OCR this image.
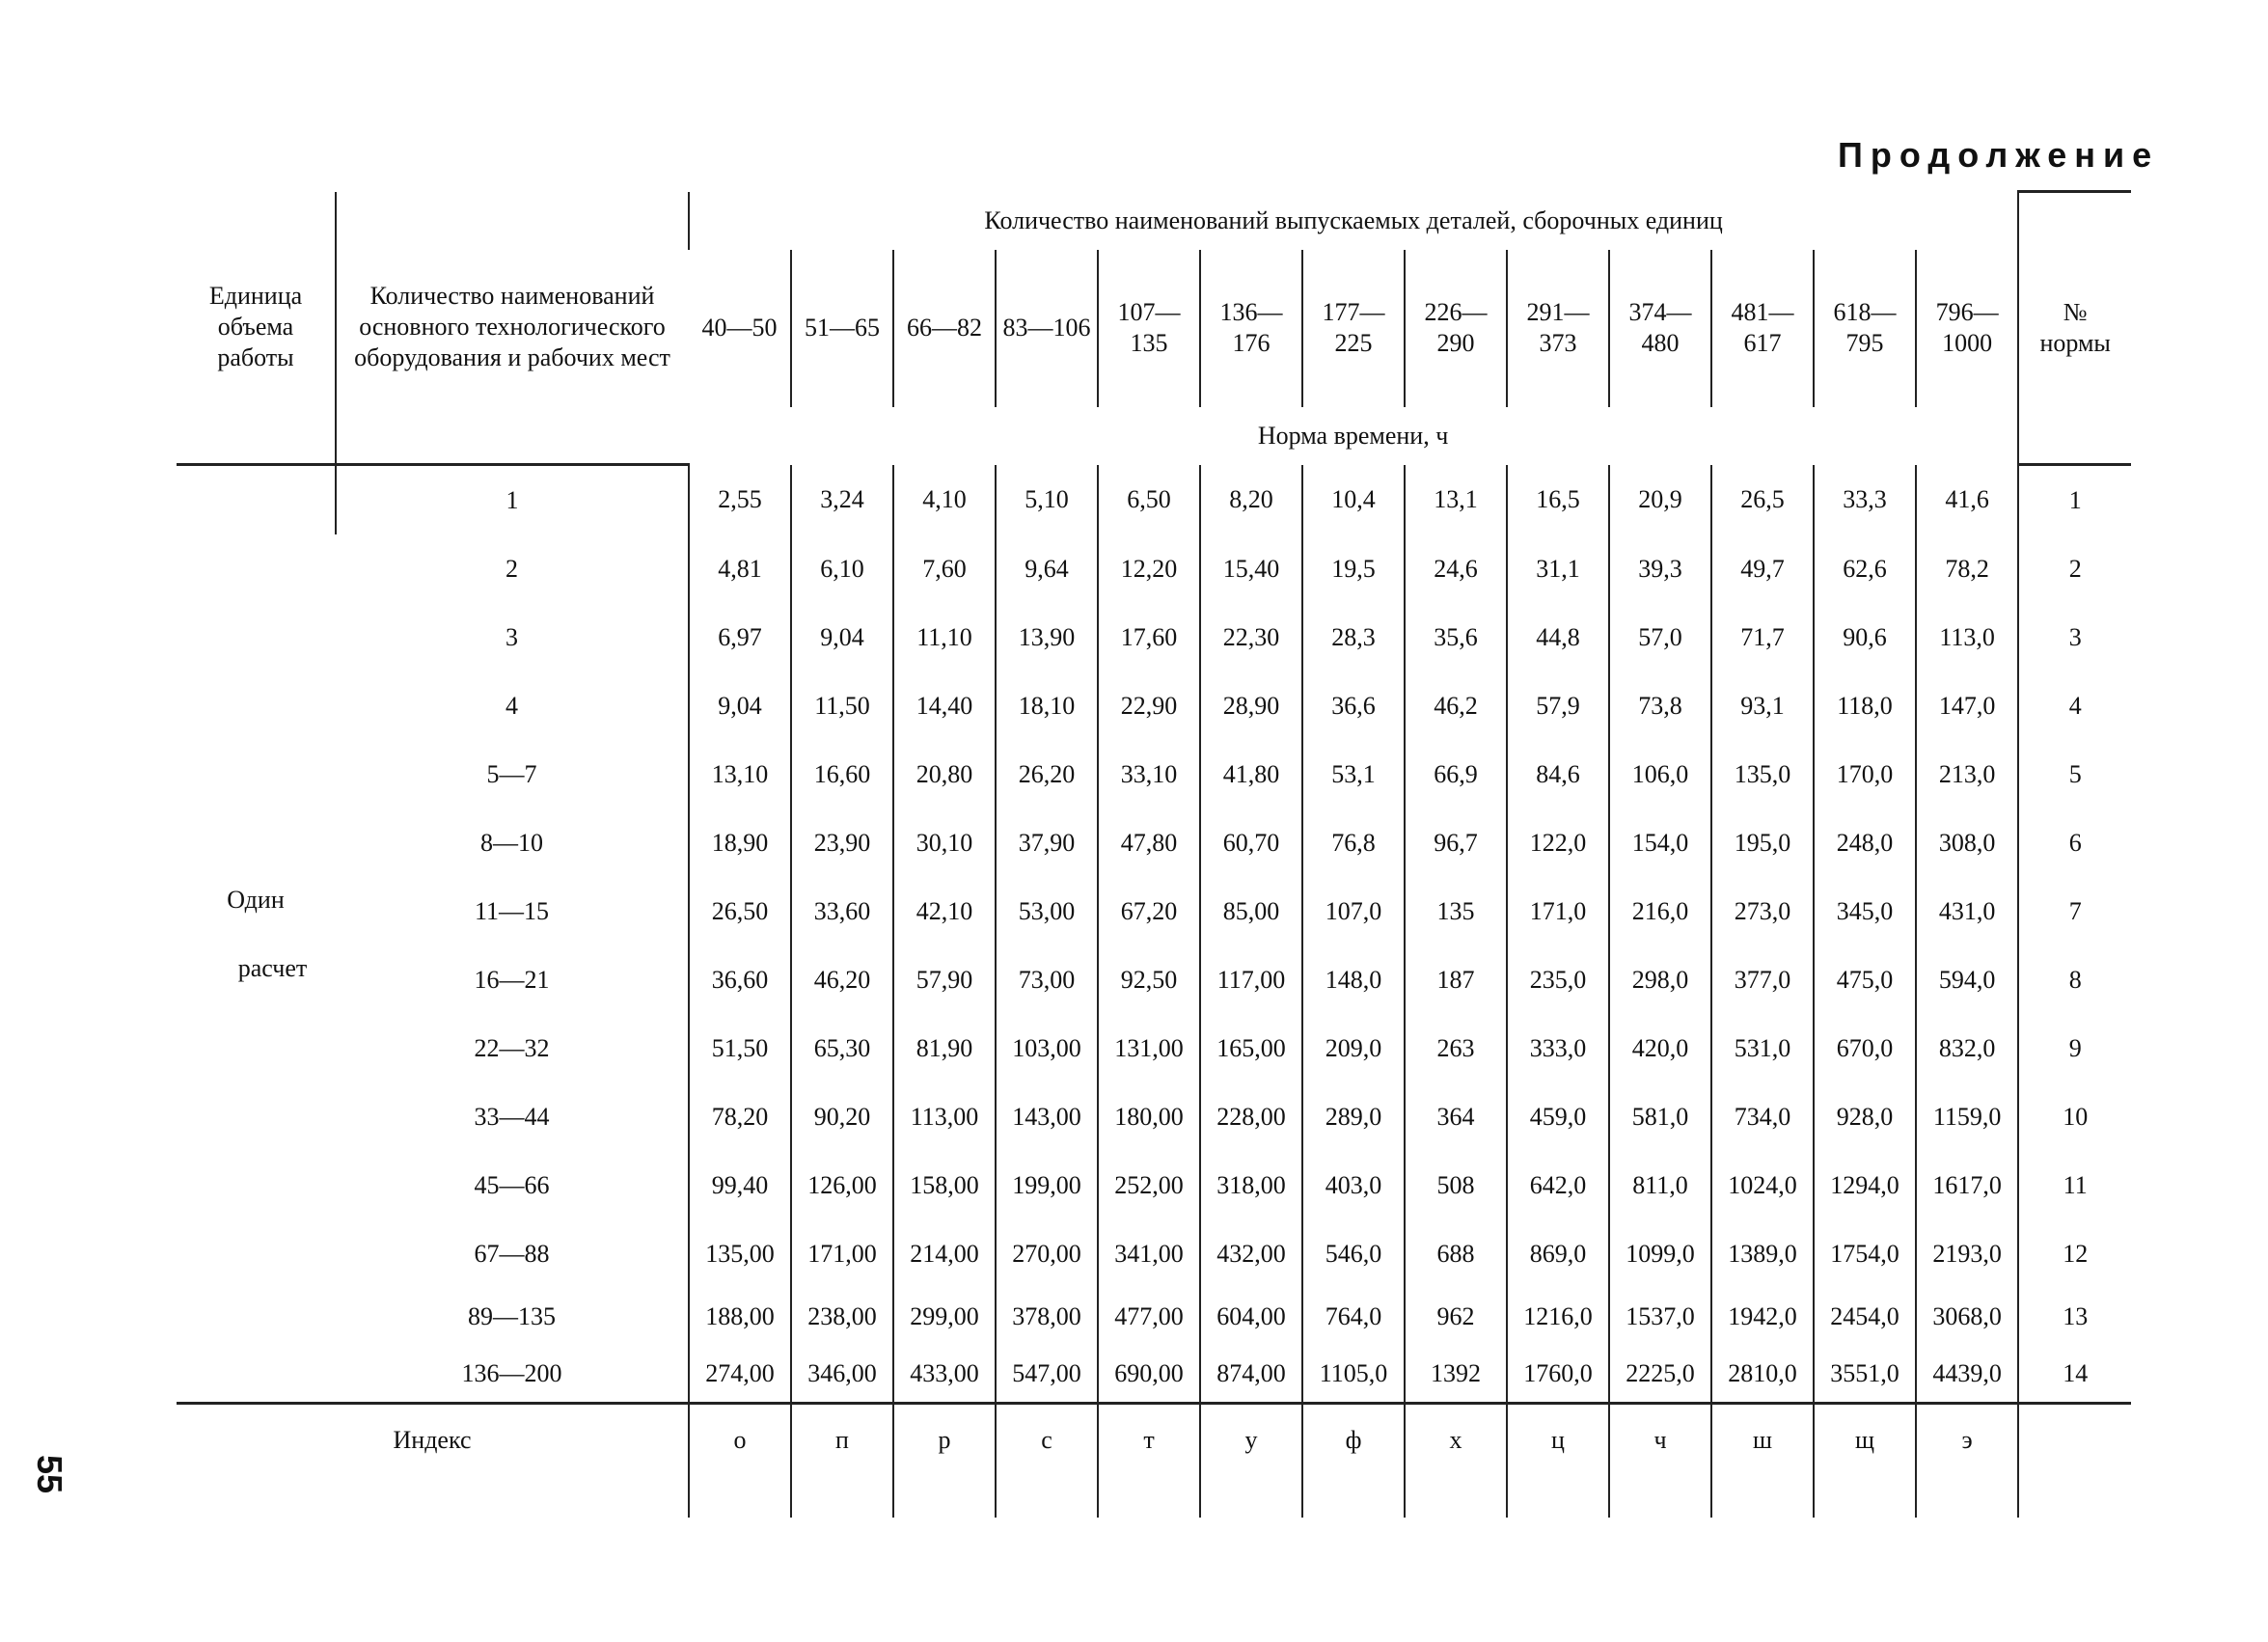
Продолжение
55
Единица объема работы	Количество наименований основного технологического оборудования и рабочих мест	Количество наименований выпускаемых деталей, сборочных единиц													№ нормы
		40—50	51—65	66—82	83—106	107—135	136—176	177—225	226—290	291—373	374—480	481—617	618—795	796—1000	
		Норма времени, ч													

Один
расчет	1	2,55	3,24	4,10	5,10	6,50	8,20	10,4	13,1	16,5	20,9	26,5	33,3	41,6	1
	2	4,81	6,10	7,60	9,64	12,20	15,40	19,5	24,6	31,1	39,3	49,7	62,6	78,2	2
	3	6,97	9,04	11,10	13,90	17,60	22,30	28,3	35,6	44,8	57,0	71,7	90,6	113,0	3
	4	9,04	11,50	14,40	18,10	22,90	28,90	36,6	46,2	57,9	73,8	93,1	118,0	147,0	4
	5—7	13,10	16,60	20,80	26,20	33,10	41,80	53,1	66,9	84,6	106,0	135,0	170,0	213,0	5
	8—10	18,90	23,90	30,10	37,90	47,80	60,70	76,8	96,7	122,0	154,0	195,0	248,0	308,0	6
	11—15	26,50	33,60	42,10	53,00	67,20	85,00	107,0	135	171,0	216,0	273,0	345,0	431,0	7
	16—21	36,60	46,20	57,90	73,00	92,50	117,00	148,0	187	235,0	298,0	377,0	475,0	594,0	8
	22—32	51,50	65,30	81,90	103,00	131,00	165,00	209,0	263	333,0	420,0	531,0	670,0	832,0	9
	33—44	78,20	90,20	113,00	143,00	180,00	228,00	289,0	364	459,0	581,0	734,0	928,0	1159,0	10
	45—66	99,40	126,00	158,00	199,00	252,00	318,00	403,0	508	642,0	811,0	1024,0	1294,0	1617,0	11
	67—88	135,00	171,00	214,00	270,00	341,00	432,00	546,0	688	869,0	1099,0	1389,0	1754,0	2193,0	12
	89—135	188,00	238,00	299,00	378,00	477,00	604,00	764,0	962	1216,0	1537,0	1942,0	2454,0	3068,0	13
	136—200	274,00	346,00	433,00	547,00	690,00	874,00	1105,0	1392	1760,0	2225,0	2810,0	3551,0	4439,0	14
Индекс		о	п	р	с	т	у	ф	х	ц	ч	ш	щ	э	
